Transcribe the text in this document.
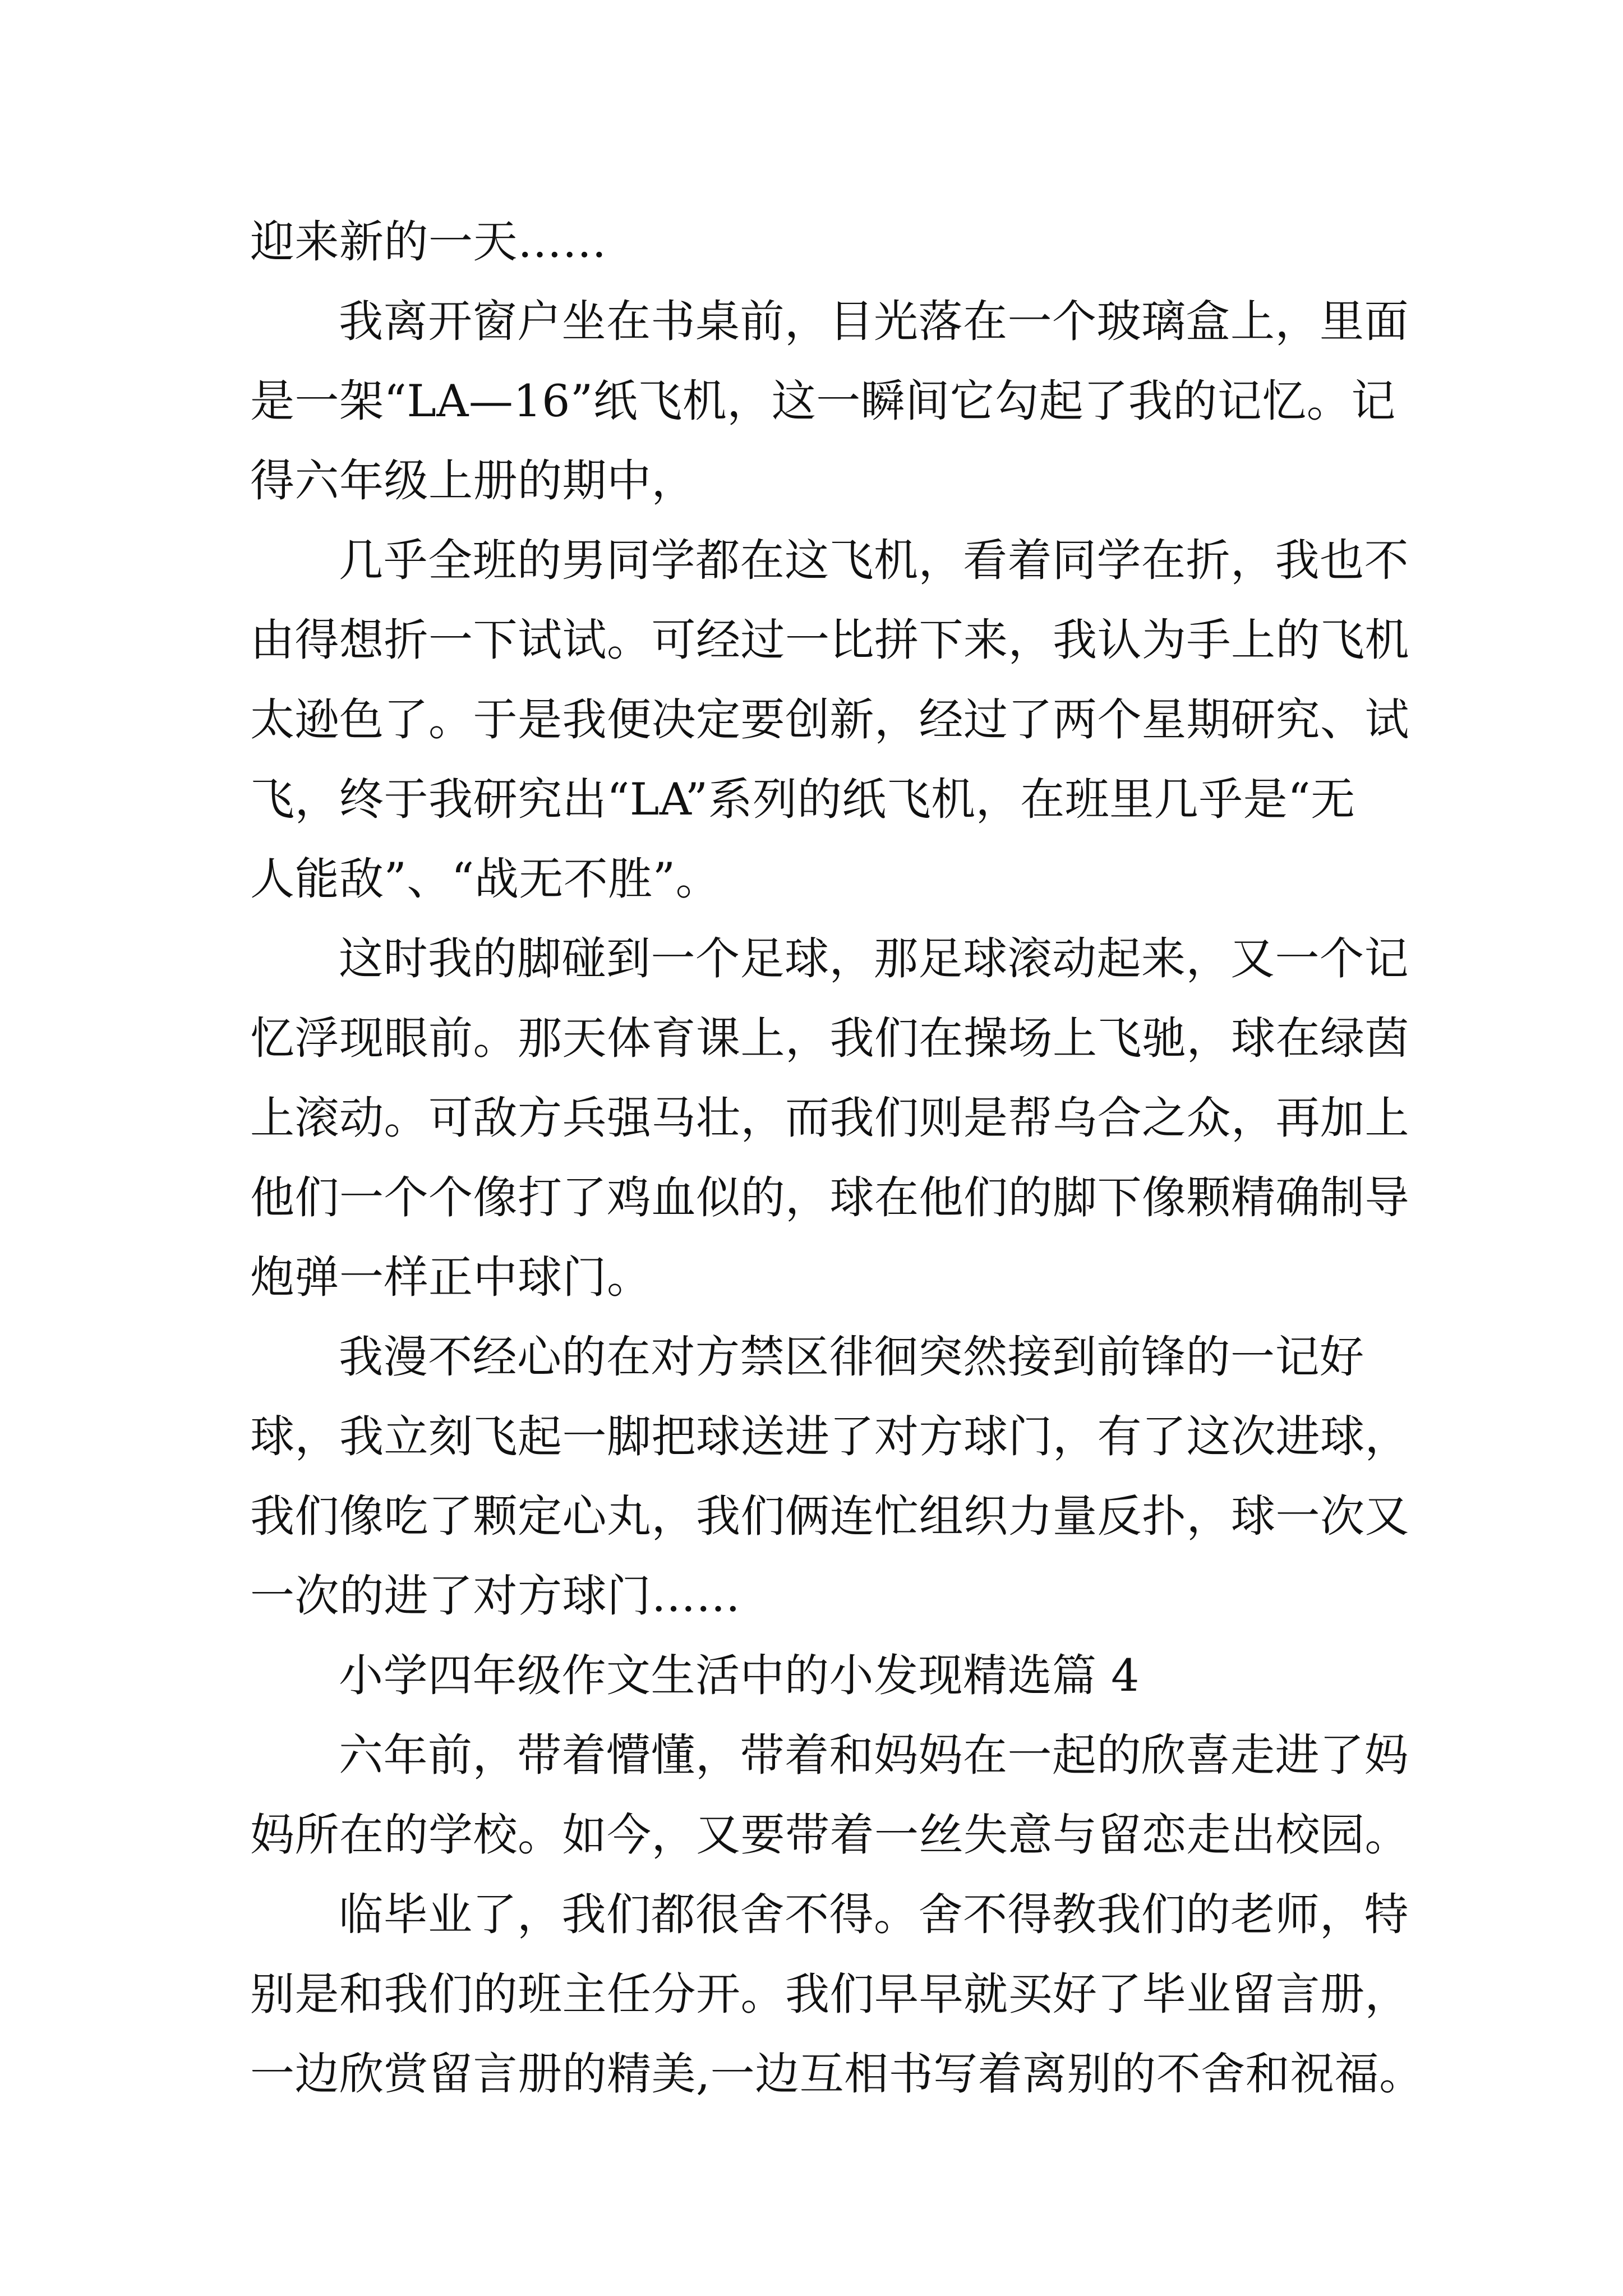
迎来新的一天……
我离开窗户坐在书桌前，目光落在一个玻璃盒上，里面
是一架“LA—16”纸飞机，这一瞬间它勾起了我的记忆。记
得六年级上册的期中，
几乎全班的男同学都在这飞机，看着同学在折，我也不
由得想折一下试试。可经过一比拼下来，我认为手上的飞机
太逊色了。于是我便决定要创新，经过了两个星期研究、试
飞，终于我研究出“LA”系列的纸飞机，在班里几乎是“无
人能敌”、“战无不胜”。
这时我的脚碰到一个足球，那足球滚动起来，又一个记
忆浮现眼前。那天体育课上，我们在操场上飞驰，球在绿茵
上滚动。可敌方兵强马壮，而我们则是帮乌合之众，再加上
他们一个个像打了鸡血似的，球在他们的脚下像颗精确制导
炮弹一样正中球门。
我漫不经心的在对方禁区徘徊突然接到前锋的一记好
球，我立刻飞起一脚把球送进了对方球门，有了这次进球，
我们像吃了颗定心丸，我们俩连忙组织力量反扑，球一次又
一次的进了对方球门……
小学四年级作文生活中的小发现精选篇 4
六年前，带着懵懂，带着和妈妈在一起的欣喜走进了妈
妈所在的学校。如今，又要带着一丝失意与留恋走出校园。
临毕业了，我们都很舍不得。舍不得教我们的老师，特
别是和我们的班主任分开。我们早早就买好了毕业留言册，
一边欣赏留言册的精美,一边互相书写着离别的不舍和祝福。
